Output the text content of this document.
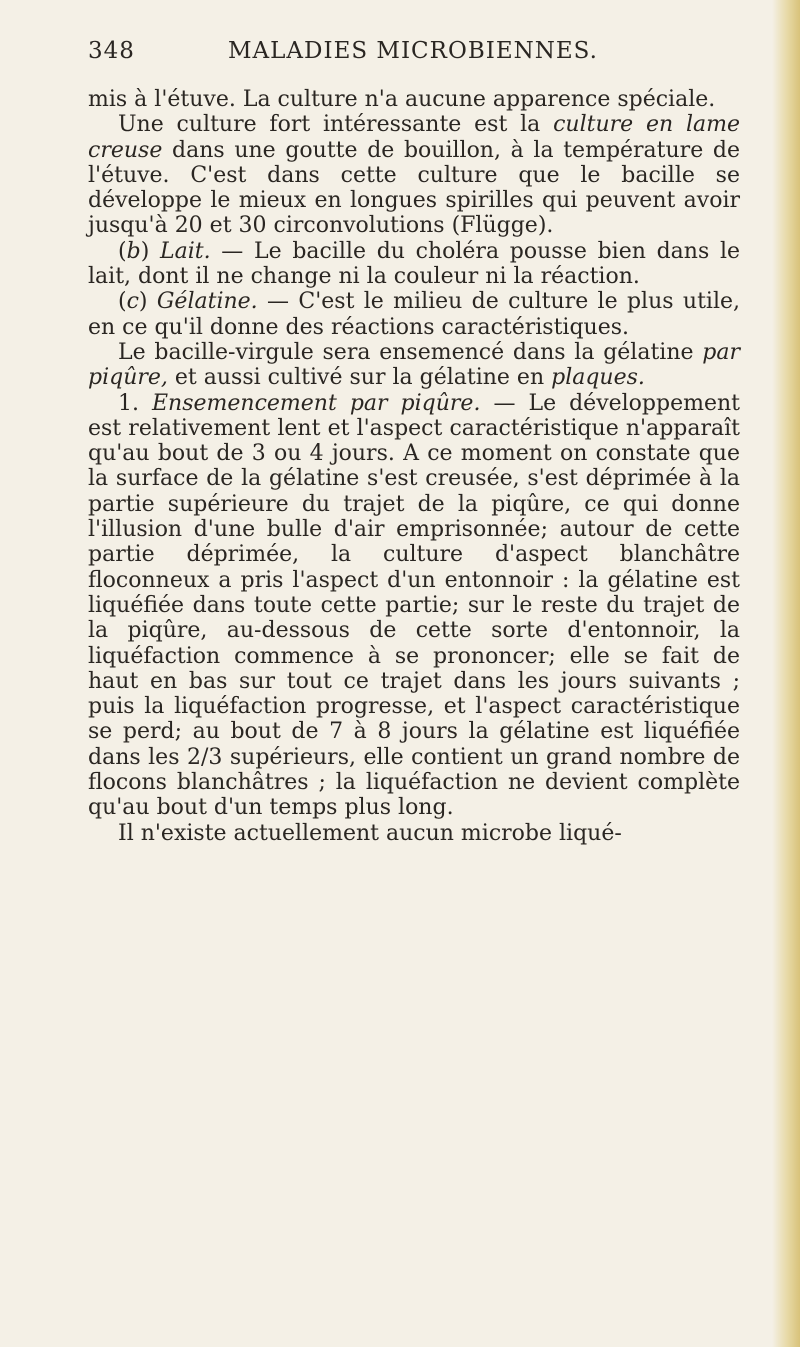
348	MALADIES MICROBIENNES.

mis à l'étuve. La culture n'a aucune apparence spéciale.

Une culture fort intéressante est la culture en lame creuse dans une goutte de bouillon, à la température de l'étuve. C'est dans cette culture que le bacille se développe le mieux en longues spirilles qui peuvent avoir jusqu'à 20 et 30 circonvolutions (Flügge).

(b) Lait. — Le bacille du choléra pousse bien dans le lait, dont il ne change ni la couleur ni la réaction.

(c) Gélatine. — C'est le milieu de culture le plus utile, en ce qu'il donne des réactions caractéristiques.

Le bacille-virgule sera ensemencé dans la gélatine par piqûre, et aussi cultivé sur la gélatine en plaques.

1. Ensemencement par piqûre. — Le développement est relativement lent et l'aspect caractéristique n'apparaît qu'au bout de 3 ou 4 jours. A ce moment on constate que la surface de la gélatine s'est creusée, s'est déprimée à la partie supérieure du trajet de la piqûre, ce qui donne l'illusion d'une bulle d'air emprisonnée; autour de cette partie déprimée, la culture d'aspect blanchâtre floconneux a pris l'aspect d'un entonnoir : la gélatine est liquéfiée dans toute cette partie; sur le reste du trajet de la piqûre, au-dessous de cette sorte d'entonnoir, la liquéfaction commence à se prononcer; elle se fait de haut en bas sur tout ce trajet dans les jours suivants ; puis la liquéfaction progresse, et l'aspect caractéristique se perd; au bout de 7 à 8 jours la gélatine est liquéfiée dans les 2/3 supérieurs, elle contient un grand nombre de flocons blanchâtres ; la liquéfaction ne devient complète qu'au bout d'un temps plus long.

Il n'existe actuellement aucun microbe liqué-
